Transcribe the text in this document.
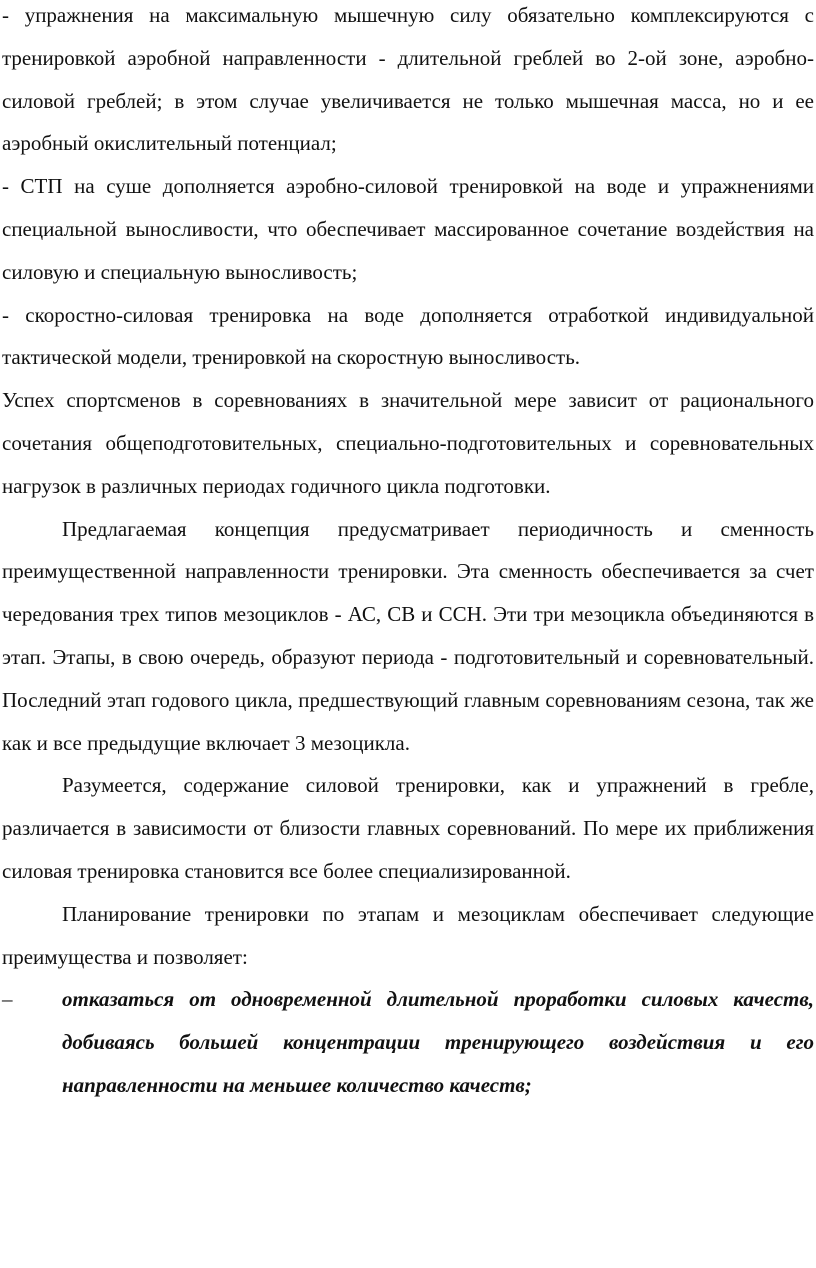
- упражнения на максимальную мышечную силу обязательно комплексируются с тренировкой аэробной направленности - длительной греблей во 2-ой зоне, аэробно-силовой греблей; в этом случае увеличивается не только мышечная масса, но и ее аэробный окислительный потенциал;

- СТП на суше дополняется аэробно-силовой тренировкой на воде и упражнениями специальной выносливости, что обеспечивает массированное сочетание воздействия на силовую и специальную выносливость;

- скоростно-силовая тренировка на воде дополняется отработкой индивидуальной тактической модели, тренировкой на скоростную выносливость.

Успех спортсменов в соревнованиях в значительной мере зависит от рационального сочетания общеподготовительных, специально-подготовительных и соревновательных нагрузок в различных периодах годичного цикла подготовки.

Предлагаемая концепция предусматривает периодичность и сменность преимущественной направленности тренировки. Эта сменность обеспечивается за счет чередования трех типов мезоциклов - АС, СВ и ССН. Эти три мезоцикла объединяются в этап. Этапы, в свою очередь, образуют периода - подготовительный и соревновательный. Последний этап годового цикла, предшествующий главным соревнованиям сезона, так же как и все предыдущие включает 3 мезоцикла.

Разумеется, содержание силовой тренировки, как и упражнений в гребле, различается в зависимости от близости главных соревнований. По мере их приближения силовая тренировка становится все более специализированной.

Планирование тренировки по этапам и мезоциклам обеспечивает следующие преимущества и позволяет:

–	отказаться от одновременной длительной проработки силовых качеств, добиваясь большей концентрации тренирующего воздействия и его направленности на меньшее количество качеств;
